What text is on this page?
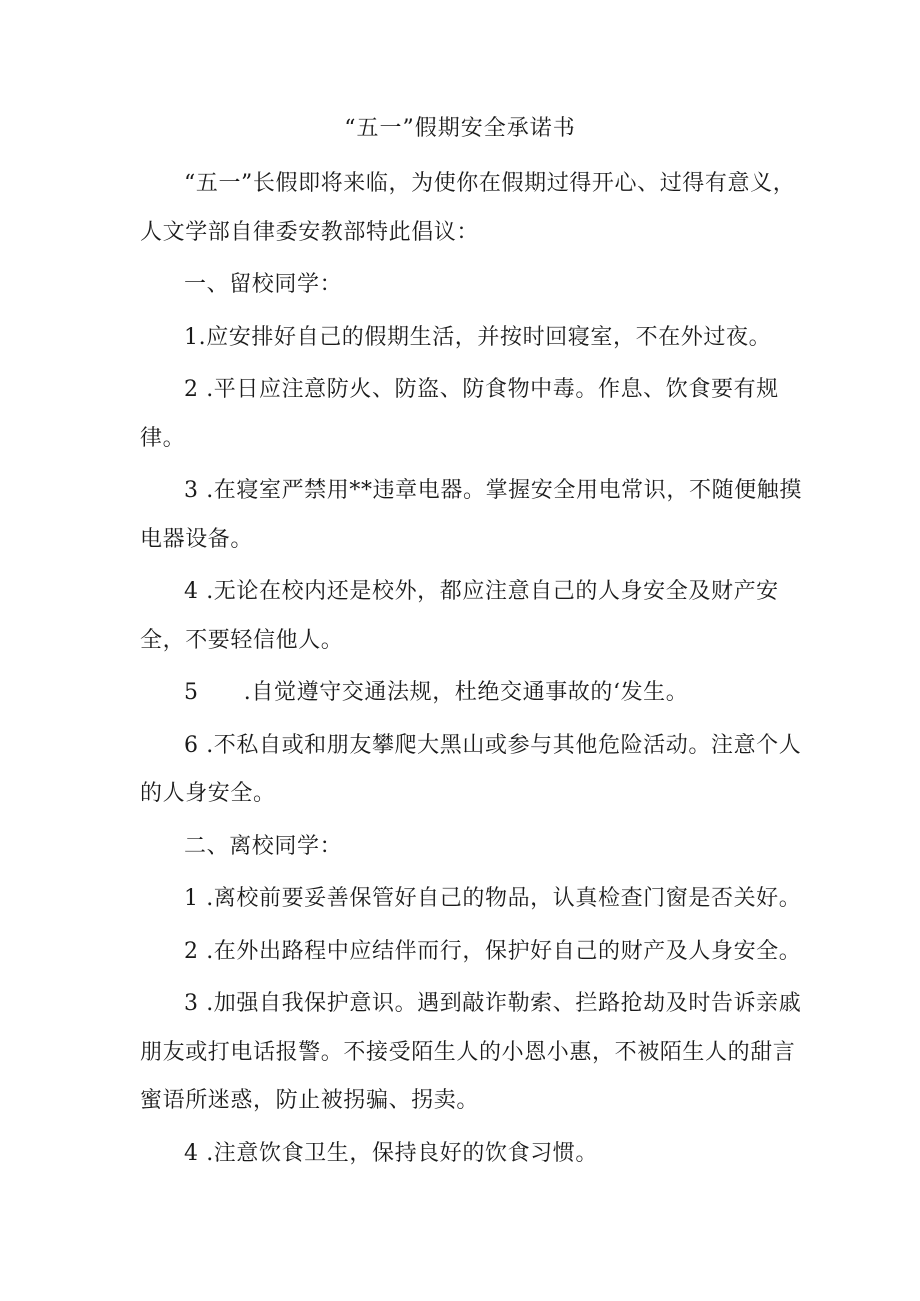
“五一”假期安全承诺书

“五一”长假即将来临，为使你在假期过得开心、过得有意义，人文学部自律委安教部特此倡议：

一、留校同学：

1.应安排好自己的假期生活，并按时回寝室，不在外过夜。

2 .平日应注意防火、防盗、防食物中毒。作息、饮食要有规律。

3 .在寝室严禁用**违章电器。掌握安全用电常识，不随便触摸电器设备。

4 .无论在校内还是校外，都应注意自己的人身安全及财产安全，不要轻信他人。

5　　.自觉遵守交通法规，杜绝交通事故的‘发生。

6 .不私自或和朋友攀爬大黑山或参与其他危险活动。注意个人的人身安全。

二、离校同学：

1 .离校前要妥善保管好自己的物品，认真检查门窗是否关好。

2 .在外出路程中应结伴而行，保护好自己的财产及人身安全。

3 .加强自我保护意识。遇到敲诈勒索、拦路抢劫及时告诉亲戚朋友或打电话报警。不接受陌生人的小恩小惠，不被陌生人的甜言蜜语所迷惑，防止被拐骗、拐卖。

4 .注意饮食卫生，保持良好的饮食习惯。
